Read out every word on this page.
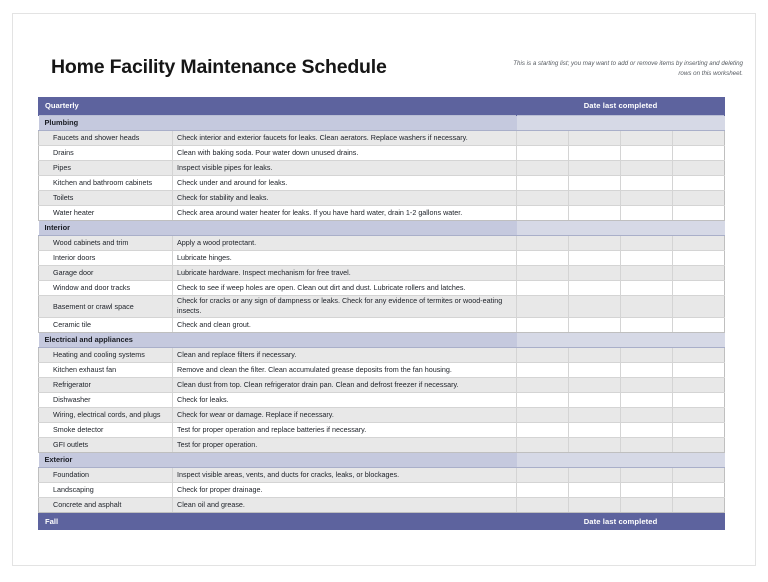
Home Facility Maintenance Schedule	This is a starting list; you may want to add or remove items by inserting and deleting rows on this worksheet.
Quarterly		Date last completed			
Plumbing					
Faucets and shower heads	Check interior and exterior faucets for leaks. Clean aerators. Replace washers if necessary.				
Drains	Clean with baking soda. Pour water down unused drains.				
Pipes	Inspect visible pipes for leaks.				
Kitchen and bathroom cabinets	Check under and around for leaks.				
Toilets	Check for stability and leaks.				
Water heater	Check area around water heater for leaks. If you have hard water, drain 1-2 gallons water.				
Interior					
Wood cabinets and trim	Apply a wood protectant.				
Interior doors	Lubricate hinges.				
Garage door	Lubricate hardware. Inspect mechanism for free travel.				
Window and door tracks	Check to see if weep holes are open. Clean out dirt and dust. Lubricate rollers and latches.				
Basement or crawl space	Check for cracks or any sign of dampness or leaks. Check for any evidence of termites or wood-eating insects.				
Ceramic tile	Check and clean grout.				
Electrical and appliances					
Heating and cooling systems	Clean and replace filters if necessary.				
Kitchen exhaust fan	Remove and clean the filter. Clean accumulated grease deposits from the fan housing.				
Refrigerator	Clean dust from top. Clean refrigerator drain pan. Clean and defrost freezer if necessary.				
Dishwasher	Check for leaks.				
Wiring, electrical cords, and plugs	Check for wear or damage. Replace if necessary.				
Smoke detector	Test for proper operation and replace batteries if necessary.				
GFI outlets	Test for proper operation.				
Exterior					
Foundation	Inspect visible areas, vents, and ducts for cracks, leaks, or blockages.				
Landscaping	Check for proper drainage.				
Concrete and asphalt	Clean oil and grease.				
Fall		Date last completed			
